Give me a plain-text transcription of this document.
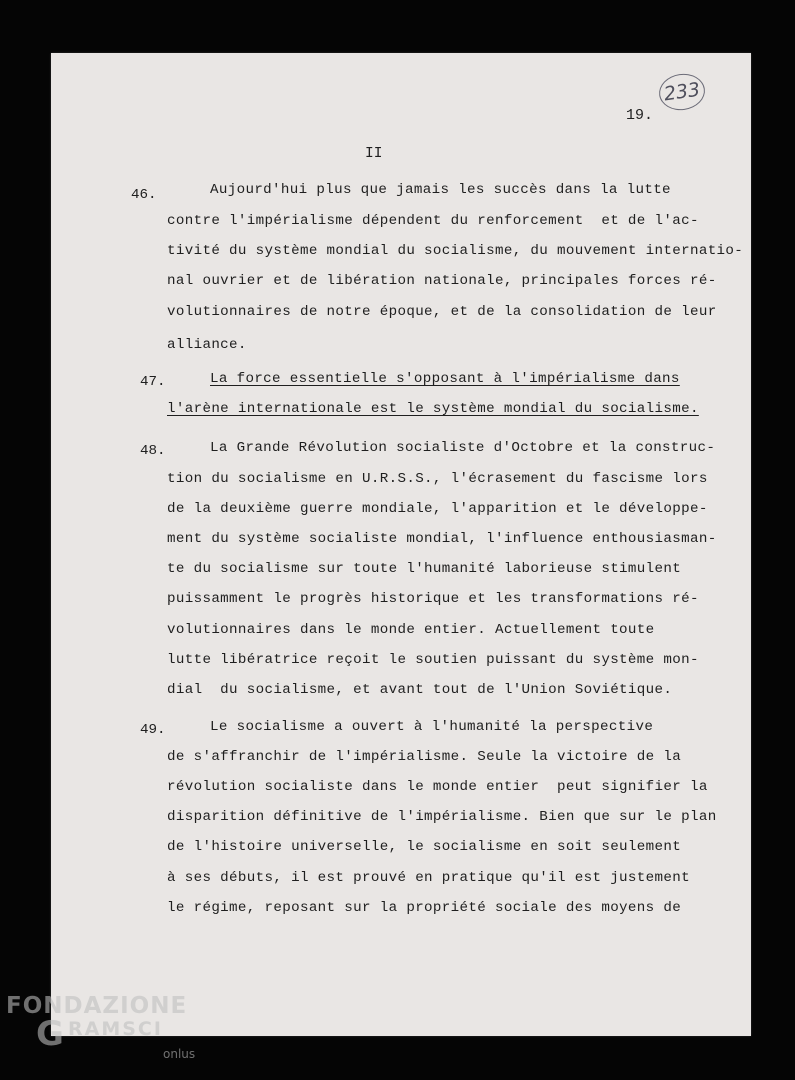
233
19.
II
46.	Aujourd'hui plus que jamais les succès dans la lutte
contre l'impérialisme dépendent du renforcement  et de l'ac-
tivité du système mondial du socialisme, du mouvement internatio-
nal ouvrier et de libération nationale, principales forces ré-
volutionnaires de notre époque, et de la consolidation de leur
alliance.
47.	La force essentielle s'opposant à l'impérialisme dans
l'arène internationale est le système mondial du socialisme.
48.	La Grande Révolution socialiste d'Octobre et la construc-
tion du socialisme en U.R.S.S., l'écrasement du fascisme lors
de la deuxième guerre mondiale, l'apparition et le développe-
ment du système socialiste mondial, l'influence enthousiasman-
te du socialisme sur toute l'humanité laborieuse stimulent
puissamment le progrès historique et les transformations ré-
volutionnaires dans le monde entier. Actuellement toute
lutte libératrice reçoit le soutien puissant du système mon-
dial  du socialisme, et avant tout de l'Union Soviétique.
49.	Le socialisme a ouvert à l'humanité la perspective
de s'affranchir de l'impérialisme. Seule la victoire de la
révolution socialiste dans le monde entier  peut signifier la
disparition définitive de l'impérialisme. Bien que sur le plan
de l'histoire universelle, le socialisme en soit seulement
à ses débuts, il est prouvé en pratique qu'il est justement
le régime, reposant sur la propriété sociale des moyens de
FONDAZIONE
G RAMSCI
onlus
